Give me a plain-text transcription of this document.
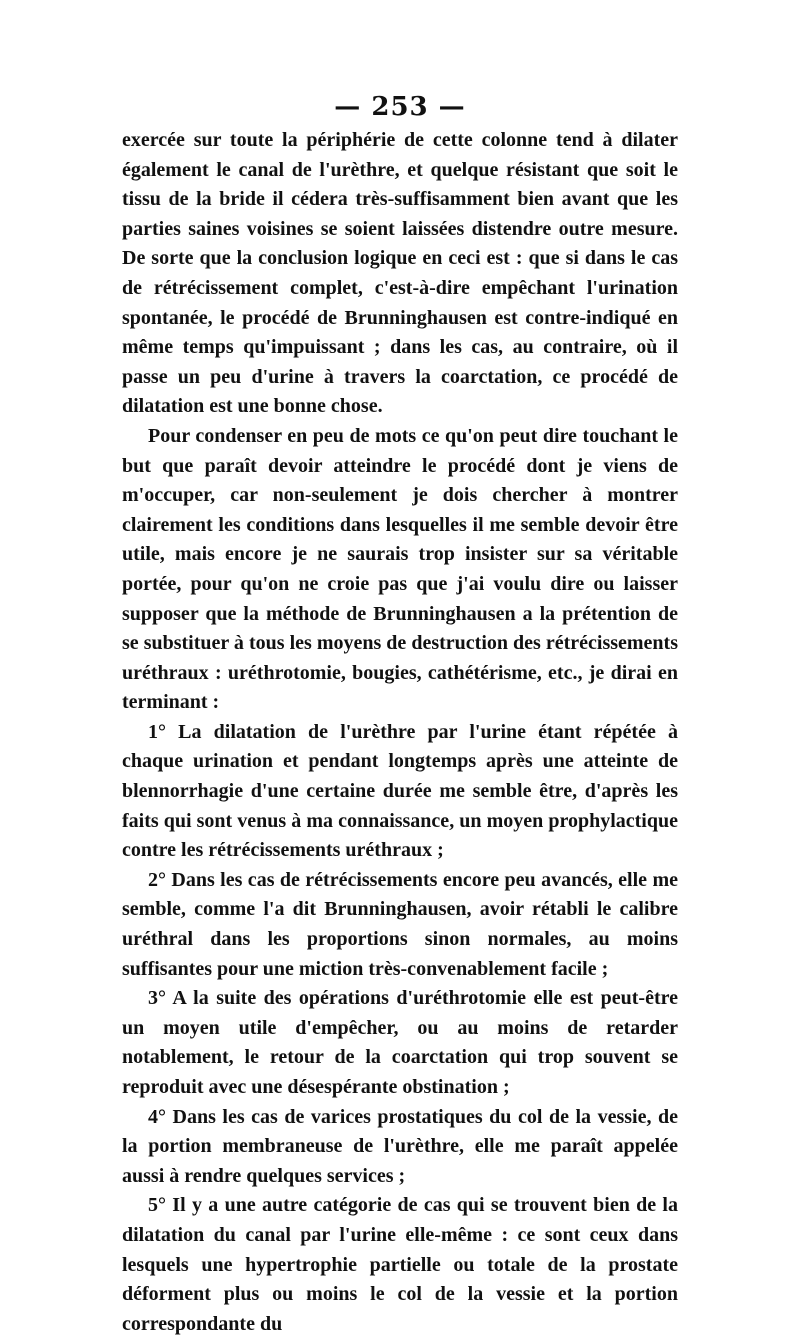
— 253 —

exercée sur toute la périphérie de cette colonne tend à dilater également le canal de l'urèthre, et quelque résistant que soit le tissu de la bride il cédera très-suffisamment bien avant que les parties saines voisines se soient laissées distendre outre mesure. De sorte que la conclusion logique en ceci est : que si dans le cas de rétrécissement complet, c'est-à-dire empêchant l'urination spontanée, le procédé de Brunninghausen est contre-indiqué en même temps qu'impuissant ; dans les cas, au contraire, où il passe un peu d'urine à travers la coarctation, ce procédé de dilatation est une bonne chose.

Pour condenser en peu de mots ce qu'on peut dire touchant le but que paraît devoir atteindre le procédé dont je viens de m'occuper, car non-seulement je dois chercher à montrer clairement les conditions dans lesquelles il me semble devoir être utile, mais encore je ne saurais trop insister sur sa véritable portée, pour qu'on ne croie pas que j'ai voulu dire ou laisser supposer que la méthode de Brunninghausen a la prétention de se substituer à tous les moyens de destruction des rétrécissements uréthraux : uréthrotomie, bougies, cathétérisme, etc., je dirai en terminant :

1° La dilatation de l'urèthre par l'urine étant répétée à chaque urination et pendant longtemps après une atteinte de blennorrhagie d'une certaine durée me semble être, d'après les faits qui sont venus à ma connaissance, un moyen prophylactique contre les rétrécissements uréthraux ;

2° Dans les cas de rétrécissements encore peu avancés, elle me semble, comme l'a dit Brunninghausen, avoir rétabli le calibre uréthral dans les proportions sinon normales, au moins suffisantes pour une miction très-convenablement facile ;

3° A la suite des opérations d'uréthrotomie elle est peut-être un moyen utile d'empêcher, ou au moins de retarder notablement, le retour de la coarctation qui trop souvent se reproduit avec une désespérante obstination ;

4° Dans les cas de varices prostatiques du col de la vessie, de la portion membraneuse de l'urèthre, elle me paraît appelée aussi à rendre quelques services ;

5° Il y a une autre catégorie de cas qui se trouvent bien de la dilatation du canal par l'urine elle-même : ce sont ceux dans lesquels une hypertrophie partielle ou totale de la prostate déforment plus ou moins le col de la vessie et la portion correspondante du
